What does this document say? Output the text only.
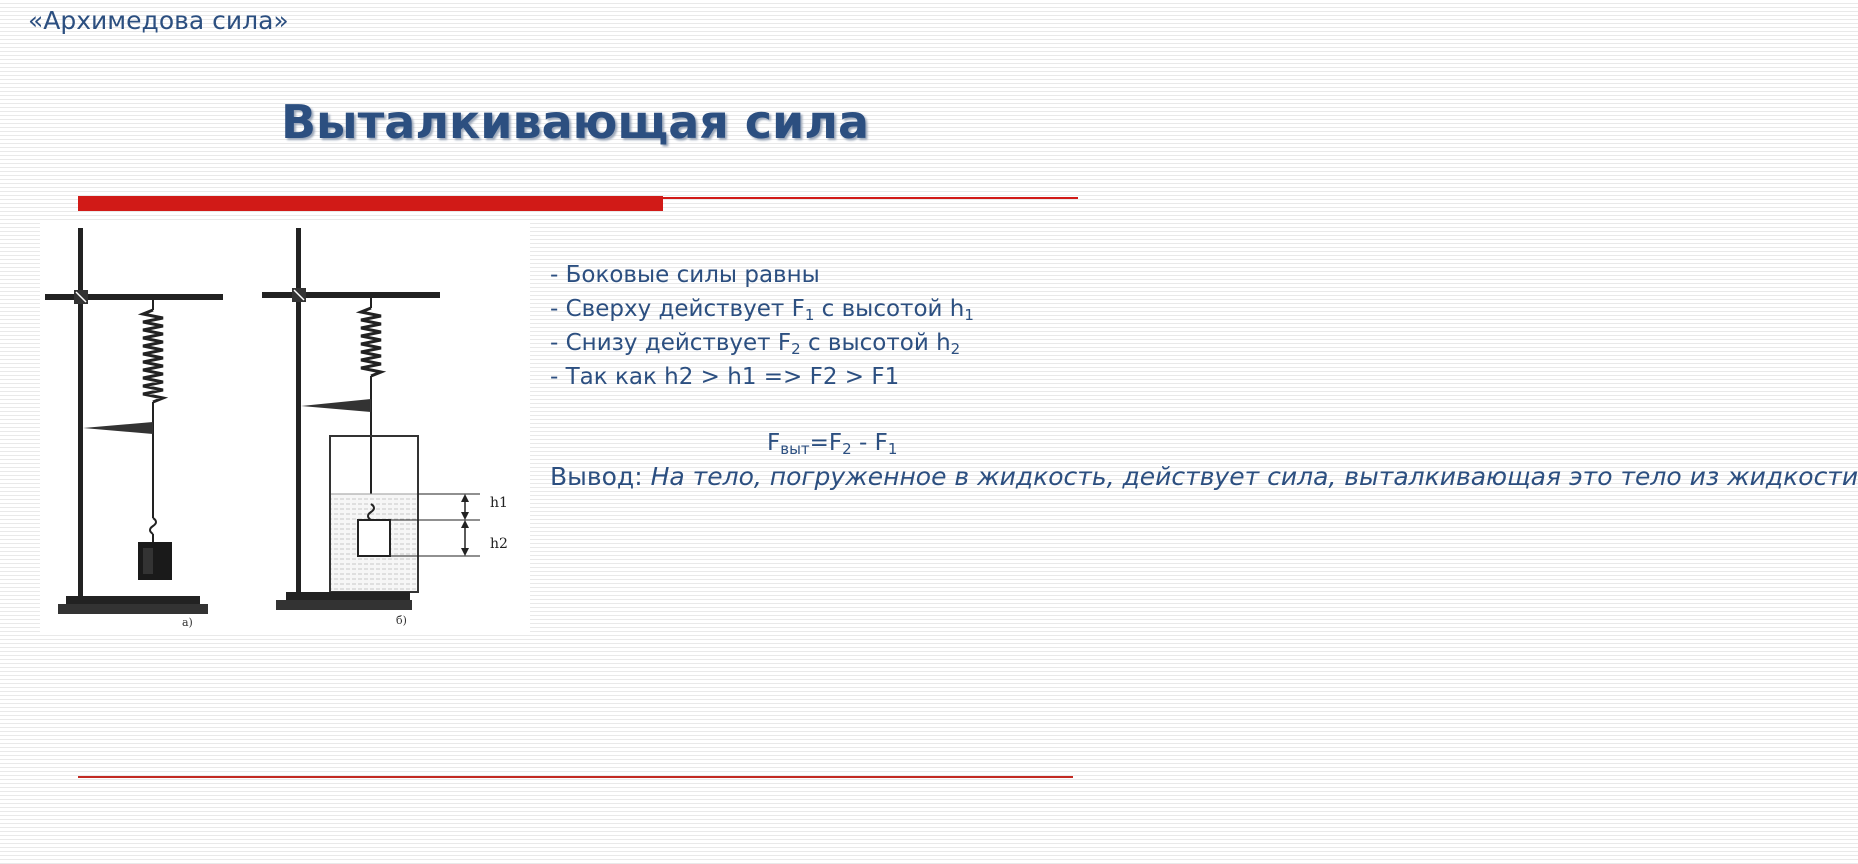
«Архимедова сила»
Выталкивающая сила
а)
h1
h2
б)

- Боковые силы равны

- Сверху действует $F_1$ с высотой $h_1$

- Снизу действует $F_2$ с высотой $h_2$

- Так как h2 > h1 => F2 > F1

$F_{выт}=F_2 - F_1$

Вывод: На тело, погруженное в жидкость, действует сила, выталкивающая это тело из жидкости
